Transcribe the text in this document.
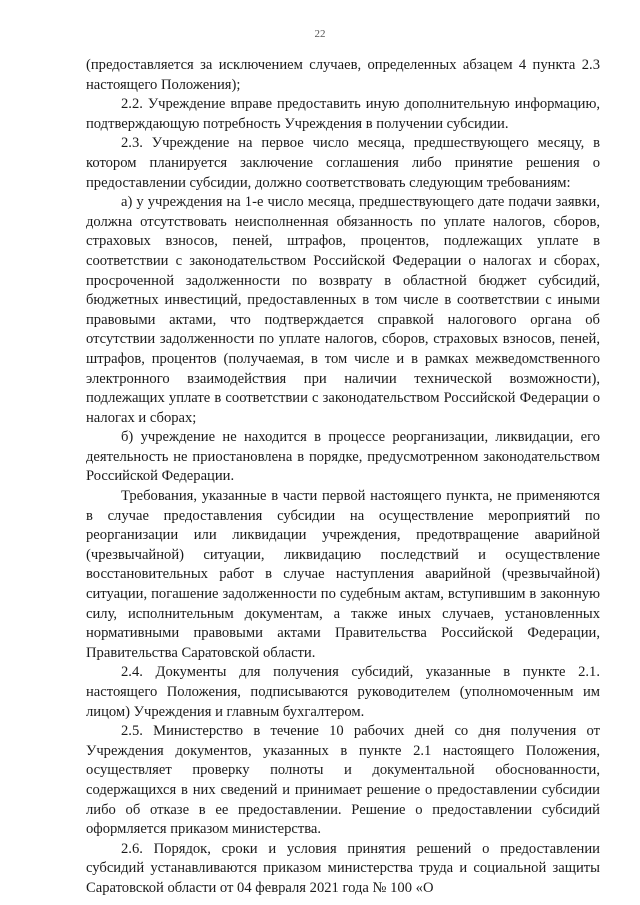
22

(предоставляется за исключением случаев, определенных абзацем 4 пункта 2.3 настоящего Положения);

2.2. Учреждение вправе предоставить иную дополнительную информацию, подтверждающую потребность Учреждения в получении субсидии.

2.3. Учреждение на первое число месяца, предшествующего месяцу, в котором планируется заключение соглашения либо принятие решения о предоставлении субсидии, должно соответствовать следующим требованиям:

а) у учреждения на 1-е число месяца, предшествующего дате подачи заявки, должна отсутствовать неисполненная обязанность по уплате налогов, сборов, страховых взносов, пеней, штрафов, процентов, подлежащих уплате в соответствии с законодательством Российской Федерации о налогах и сборах, просроченной задолженности по возврату в областной бюджет субсидий, бюджетных инвестиций, предоставленных в том числе в соответствии с иными правовыми актами, что подтверждается справкой налогового органа об отсутствии задолженности по уплате налогов, сборов, страховых взносов, пеней, штрафов, процентов (получаемая, в том числе и в рамках межведомственного электронного взаимодействия при наличии технической возможности), подлежащих уплате в соответствии с законодательством Российской Федерации о налогах и сборах;

б) учреждение не находится в процессе реорганизации, ликвидации, его деятельность не приостановлена в порядке, предусмотренном законодательством Российской Федерации.

Требования, указанные в части первой настоящего пункта, не применяются в случае предоставления субсидии на осуществление мероприятий по реорганизации или ликвидации учреждения, предотвращение аварийной (чрезвычайной) ситуации, ликвидацию последствий и осуществление восстановительных работ в случае наступления аварийной (чрезвычайной) ситуации, погашение задолженности по судебным актам, вступившим в законную силу, исполнительным документам, а также иных случаев, установленных нормативными правовыми актами Правительства Российской Федерации, Правительства Саратовской области.

2.4. Документы для получения субсидий, указанные в пункте 2.1. настоящего Положения, подписываются руководителем (уполномоченным им лицом) Учреждения и главным бухгалтером.

2.5. Министерство в течение 10 рабочих дней со дня получения от Учреждения документов, указанных в пункте 2.1 настоящего Положения, осуществляет проверку полноты и документальной обоснованности, содержащихся в них сведений и принимает решение о предоставлении субсидии либо об отказе в ее предоставлении. Решение о предоставлении субсидий оформляется приказом министерства.

2.6. Порядок, сроки и условия принятия решений о предоставлении субсидий устанавливаются приказом министерства труда и социальной защиты Саратовской области от 04 февраля 2021 года № 100 «О
